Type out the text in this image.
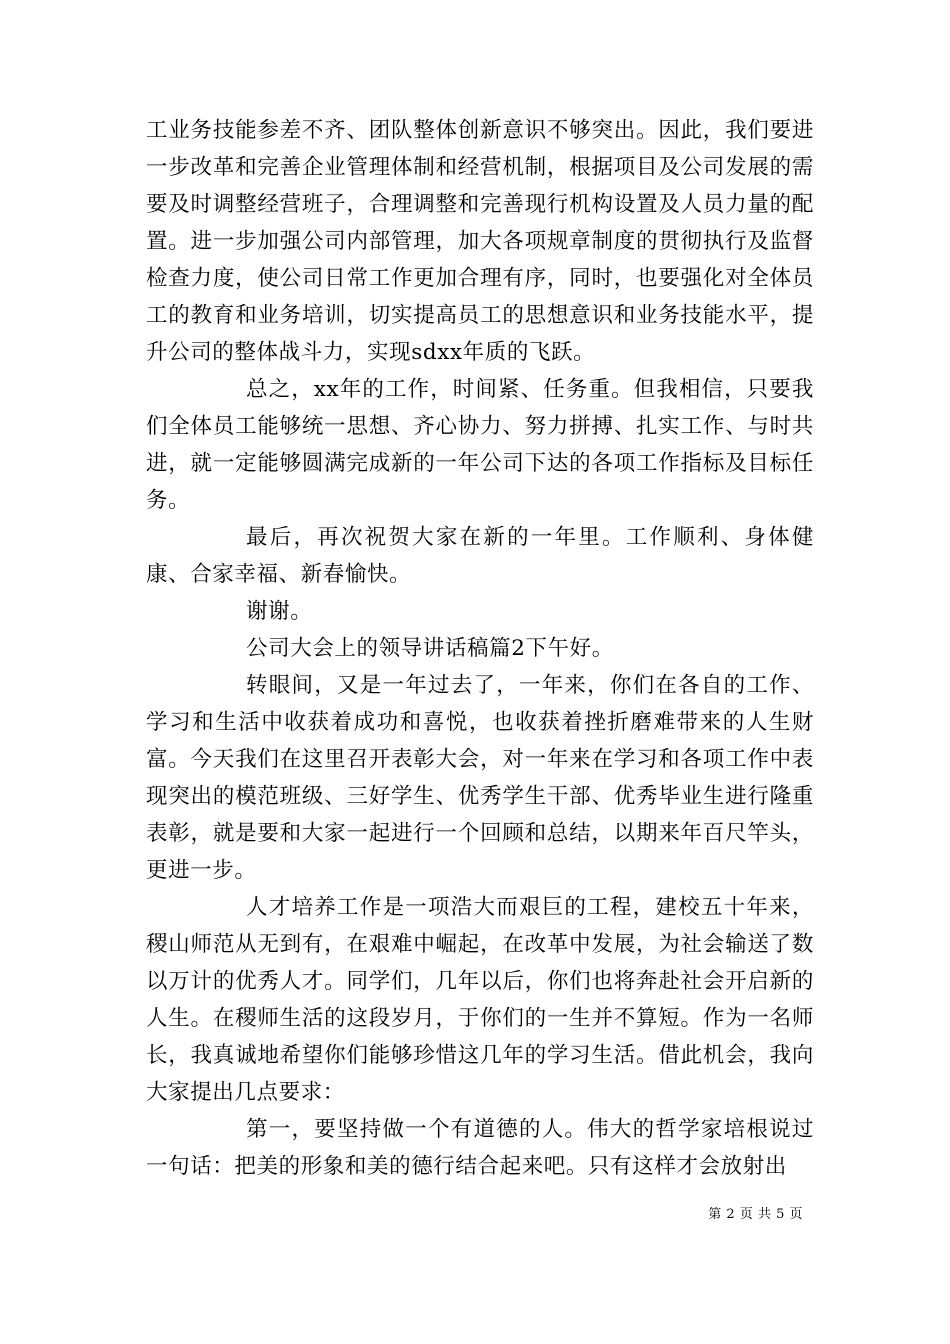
工业务技能参差不齐、团队整体创新意识不够突出。因此，我们要进一步改革和完善企业管理体制和经营机制，根据项目及公司发展的需要及时调整经营班子，合理调整和完善现行机构设置及人员力量的配置。进一步加强公司内部管理，加大各项规章制度的贯彻执行及监督检查力度，使公司日常工作更加合理有序，同时，也要强化对全体员工的教育和业务培训，切实提高员工的思想意识和业务技能水平，提升公司的整体战斗力，实现sdxx年质的飞跃。

总之，xx年的工作，时间紧、任务重。但我相信，只要我们全体员工能够统一思想、齐心协力、努力拼搏、扎实工作、与时共进，就一定能够圆满完成新的一年公司下达的各项工作指标及目标任务。

最后，再次祝贺大家在新的一年里。工作顺利、身体健康、合家幸福、新春愉快。

谢谢。

公司大会上的领导讲话稿篇2下午好。

转眼间，又是一年过去了，一年来，你们在各自的工作、学习和生活中收获着成功和喜悦，也收获着挫折磨难带来的人生财富。今天我们在这里召开表彰大会，对一年来在学习和各项工作中表现突出的模范班级、三好学生、优秀学生干部、优秀毕业生进行隆重表彰，就是要和大家一起进行一个回顾和总结，以期来年百尺竿头，更进一步。

人才培养工作是一项浩大而艰巨的工程，建校五十年来，稷山师范从无到有，在艰难中崛起，在改革中发展，为社会输送了数以万计的优秀人才。同学们，几年以后，你们也将奔赴社会开启新的人生。在稷师生活的这段岁月，于你们的一生并不算短。作为一名师长，我真诚地希望你们能够珍惜这几年的学习生活。借此机会，我向大家提出几点要求：

第一，要坚持做一个有道德的人。伟大的哲学家培根说过一句话：把美的形象和美的德行结合起来吧。只有这样才会放射出

第 2 页 共 5 页
